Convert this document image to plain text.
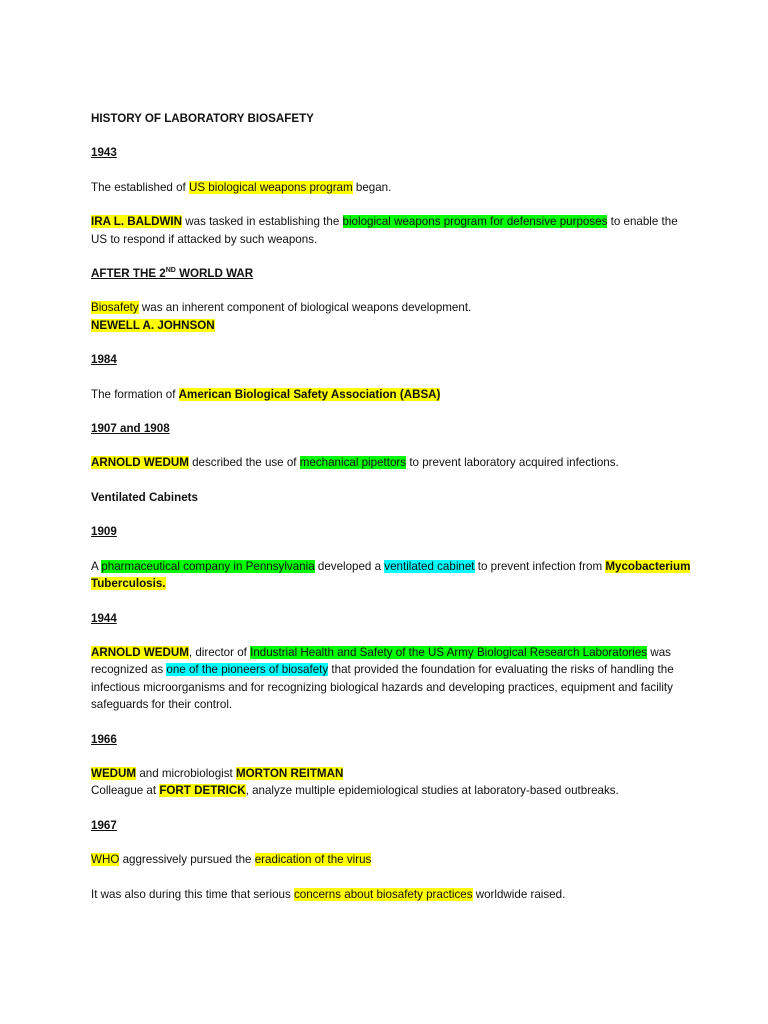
HISTORY OF LABORATORY BIOSAFETY

1943

The established of US biological weapons program began.

IRA L. BALDWIN was tasked in establishing the biological weapons program for defensive purposes to enable the US to respond if attacked by such weapons.

AFTER THE 2ND WORLD WAR

Biosafety was an inherent component of biological weapons development.

NEWELL A. JOHNSON

1984

The formation of American Biological Safety Association (ABSA)

1907 and 1908

ARNOLD WEDUM described the use of mechanical pipettors to prevent laboratory acquired infections.

Ventilated Cabinets

1909

A pharmaceutical company in Pennsylvania developed a ventilated cabinet to prevent infection from Mycobacterium Tuberculosis.

1944

ARNOLD WEDUM, director of Industrial Health and Safety of the US Army Biological Research Laboratories was recognized as one of the pioneers of biosafety that provided the foundation for evaluating the risks of handling the infectious microorganisms and for recognizing biological hazards and developing practices, equipment and facility safeguards for their control.

1966

WEDUM and microbiologist MORTON REITMAN

Colleague at FORT DETRICK, analyze multiple epidemiological studies at laboratory-based outbreaks.

1967

WHO aggressively pursued the eradication of the virus

It was also during this time that serious concerns about biosafety practices worldwide raised.
